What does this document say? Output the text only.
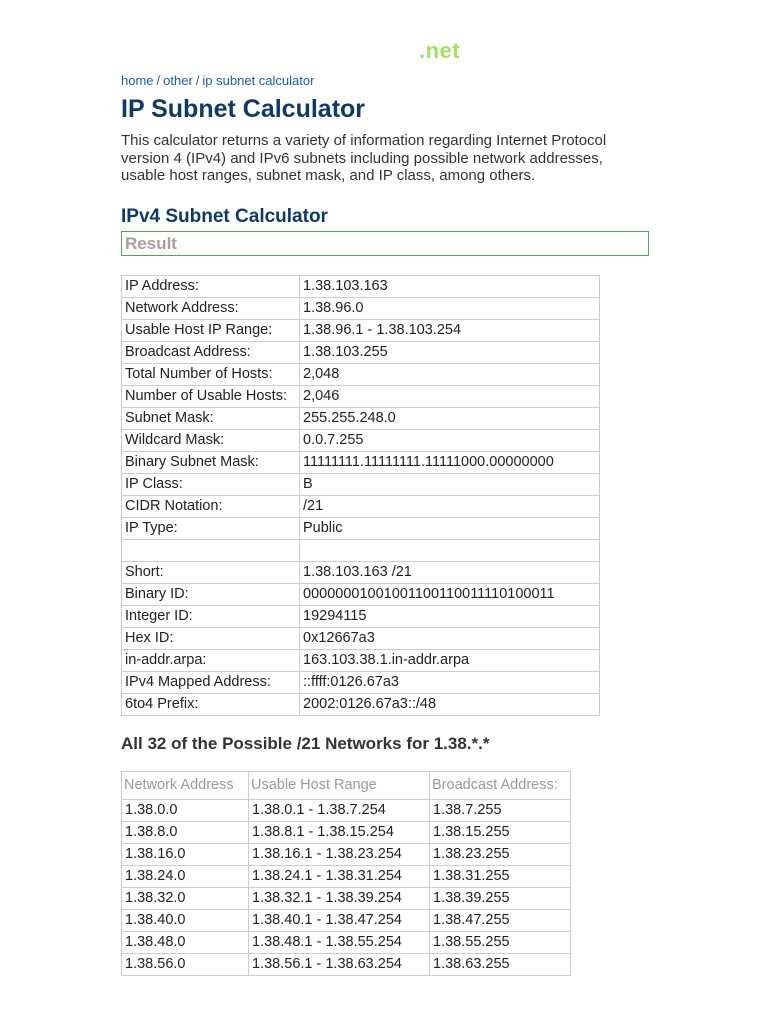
.net
home / other / ip subnet calculator
IP Subnet Calculator

This calculator returns a variety of information regarding Internet Protocol version 4 (IPv4) and IPv6 subnets including possible network addresses, usable host ranges, subnet mask, and IP class, among others.

IPv4 Subnet Calculator
Result
IP Address:	1.38.103.163
Network Address:	1.38.96.0
Usable Host IP Range:	1.38.96.1 - 1.38.103.254
Broadcast Address:	1.38.103.255
Total Number of Hosts:	2,048
Number of Usable Hosts:	2,046
Subnet Mask:	255.255.248.0
Wildcard Mask:	0.0.7.255
Binary Subnet Mask:	11111111.11111111.11111000.00000000
IP Class:	B
CIDR Notation:	/21
IP Type:	Public

Short:	1.38.103.163 /21
Binary ID:	00000001001001100110011110100011
Integer ID:	19294115
Hex ID:	0x12667a3
in-addr.arpa:	163.103.38.1.in-addr.arpa
IPv4 Mapped Address:	::ffff:0126.67a3
6to4 Prefix:	2002:0126.67a3::/48
All 32 of the Possible /21 Networks for 1.38.*.*
Network Address	Usable Host Range	Broadcast Address:
1.38.0.0	1.38.0.1 - 1.38.7.254	1.38.7.255
1.38.8.0	1.38.8.1 - 1.38.15.254	1.38.15.255
1.38.16.0	1.38.16.1 - 1.38.23.254	1.38.23.255
1.38.24.0	1.38.24.1 - 1.38.31.254	1.38.31.255
1.38.32.0	1.38.32.1 - 1.38.39.254	1.38.39.255
1.38.40.0	1.38.40.1 - 1.38.47.254	1.38.47.255
1.38.48.0	1.38.48.1 - 1.38.55.254	1.38.55.255
1.38.56.0	1.38.56.1 - 1.38.63.254	1.38.63.255
